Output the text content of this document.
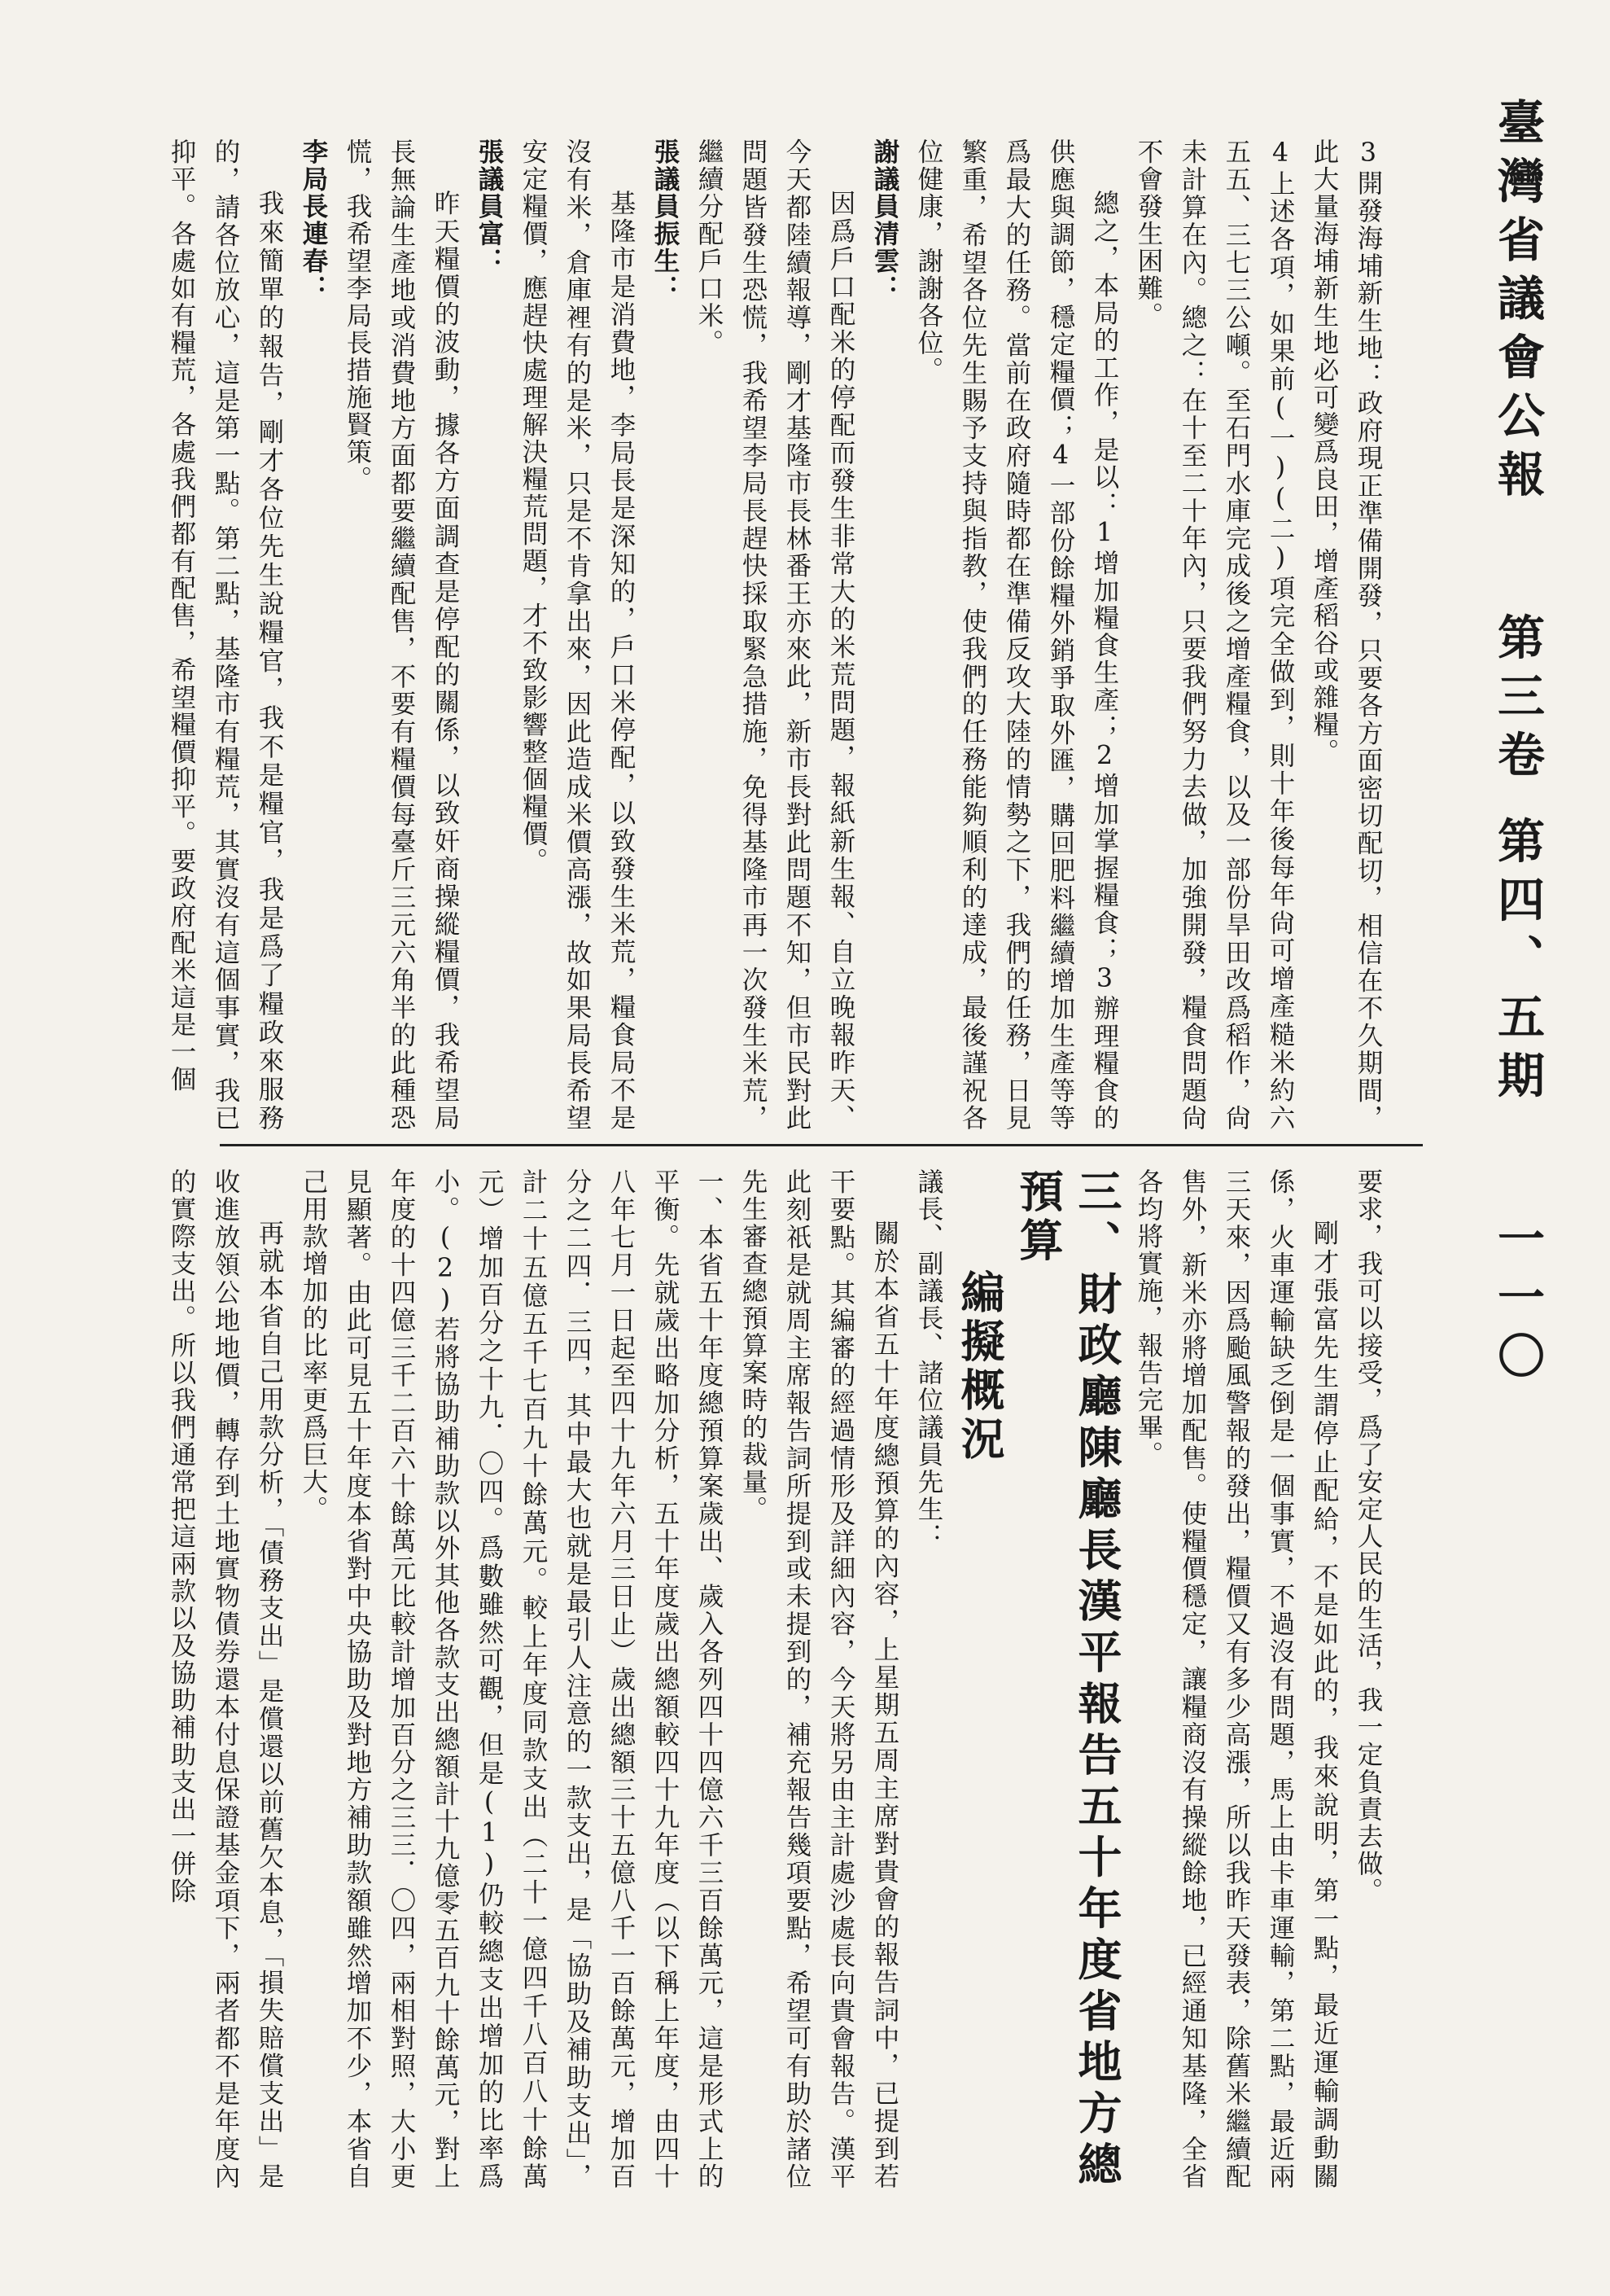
臺灣省議會公報  第三卷 第四、五期  一一〇

3開發海埔新生地：政府現正準備開發，只要各方面密切配切，相信在不久期間，此大量海埔新生地必可變爲良田，增產稻谷或雜糧。

4上述各項，如果前(一)(二)項完全做到，則十年後每年尙可增產糙米約六五五、三七三公噸。至石門水庫完成後之增產糧食，以及一部份旱田改爲稻作，尙未計算在內。總之：在十至二十年內，只要我們努力去做，加強開發，糧食問題尙不會發生困難。

總之，本局的工作，是以：1增加糧食生產；2增加掌握糧食；3辦理糧食的供應與調節，穩定糧價；4一部份餘糧外銷爭取外匯，購回肥料繼續增加生產等等爲最大的任務。當前在政府隨時都在準備反攻大陸的情勢之下，我們的任務，日見繁重，希望各位先生賜予支持與指教，使我們的任務能夠順利的達成，最後謹祝各位健康，謝謝各位。

謝議員清雲：

因爲戶口配米的停配而發生非常大的米荒問題，報紙新生報、自立晚報昨天、今天都陸續報導，剛才基隆市長林番王亦來此，新市長對此問題不知，但市民對此問題皆發生恐慌，我希望李局長趕快採取緊急措施，免得基隆市再一次發生米荒，繼續分配戶口米。

張議員振生：

基隆市是消費地，李局長是深知的，戶口米停配，以致發生米荒，糧食局不是沒有米，倉庫裡有的是米，只是不肯拿出來，因此造成米價高漲，故如果局長希望安定糧價，應趕快處理解決糧荒問題，才不致影響整個糧價。

張議員富：

昨天糧價的波動，據各方面調查是停配的關係，以致奸商操縱糧價，我希望局長無論生產地或消費地方面都要繼續配售，不要有糧價每臺斤三元六角半的此種恐慌，我希望李局長措施賢策。

李局長連春：

我來簡單的報告，剛才各位先生說糧官，我不是糧官，我是爲了糧政來服務的，請各位放心，這是第一點。第二點，基隆市有糧荒，其實沒有這個事實，我已抑平。各處如有糧荒，各處我們都有配售，希望糧價抑平。要政府配米這是一個

要求，我可以接受，爲了安定人民的生活，我一定負責去做。

剛才張富先生謂停止配給，不是如此的，我來說明，第一點，最近運輸調動關係，火車運輸缺乏倒是一個事實，不過沒有問題，馬上由卡車運輸，第二點，最近兩三天來，因爲颱風警報的發出，糧價又有多少高漲，所以我昨天發表，除舊米繼續配售外，新米亦將增加配售。使糧價穩定，讓糧商沒有操縱餘地，已經通知基隆，全省各均將實施，報告完畢。

三、財政廳陳廳長漢平報告五十年度省地方總預算

編擬概況

議長、副議長、諸位議員先生：

關於本省五十年度總預算的內容，上星期五周主席對貴會的報告詞中，已提到若干要點。其編審的經過情形及詳細內容，今天將另由主計處沙處長向貴會報告。漢平此刻祇是就周主席報告詞所提到或未提到的，補充報告幾項要點，希望可有助於諸位先生審查總預算案時的裁量。

一、本省五十年度總預算案歲出、歲入各列四十四億六千三百餘萬元，這是形式上的平衡。先就歲出略加分析，五十年度歲出總額較四十九年度（以下稱上年度，由四十八年七月一日起至四十九年六月三日止）歲出總額三十五億八千一百餘萬元，增加百分之二四．三四，其中最大也就是最引人注意的一款支出，是「協助及補助支出」，計二十五億五千七百九十餘萬元。較上年度同款支出（二十一億四千八百八十餘萬元）增加百分之十九．〇四。爲數雖然可觀，但是(1)仍較總支出增加的比率爲小。(2)若將協助補助款以外其他各款支出總額計十九億零五百九十餘萬元，對上年度的十四億三千二百六十餘萬元比較計增加百分之三三．〇四，兩相對照，大小更見顯著。由此可見五十年度本省對中央協助及對地方補助款額雖然增加不少，本省自己用款增加的比率更爲巨大。

再就本省自己用款分析，「債務支出」是償還以前舊欠本息，「損失賠償支出」是收進放領公地地價，轉存到土地實物債券還本付息保證基金項下，兩者都不是年度內的實際支出。所以我們通常把這兩款以及協助補助支出一併除
